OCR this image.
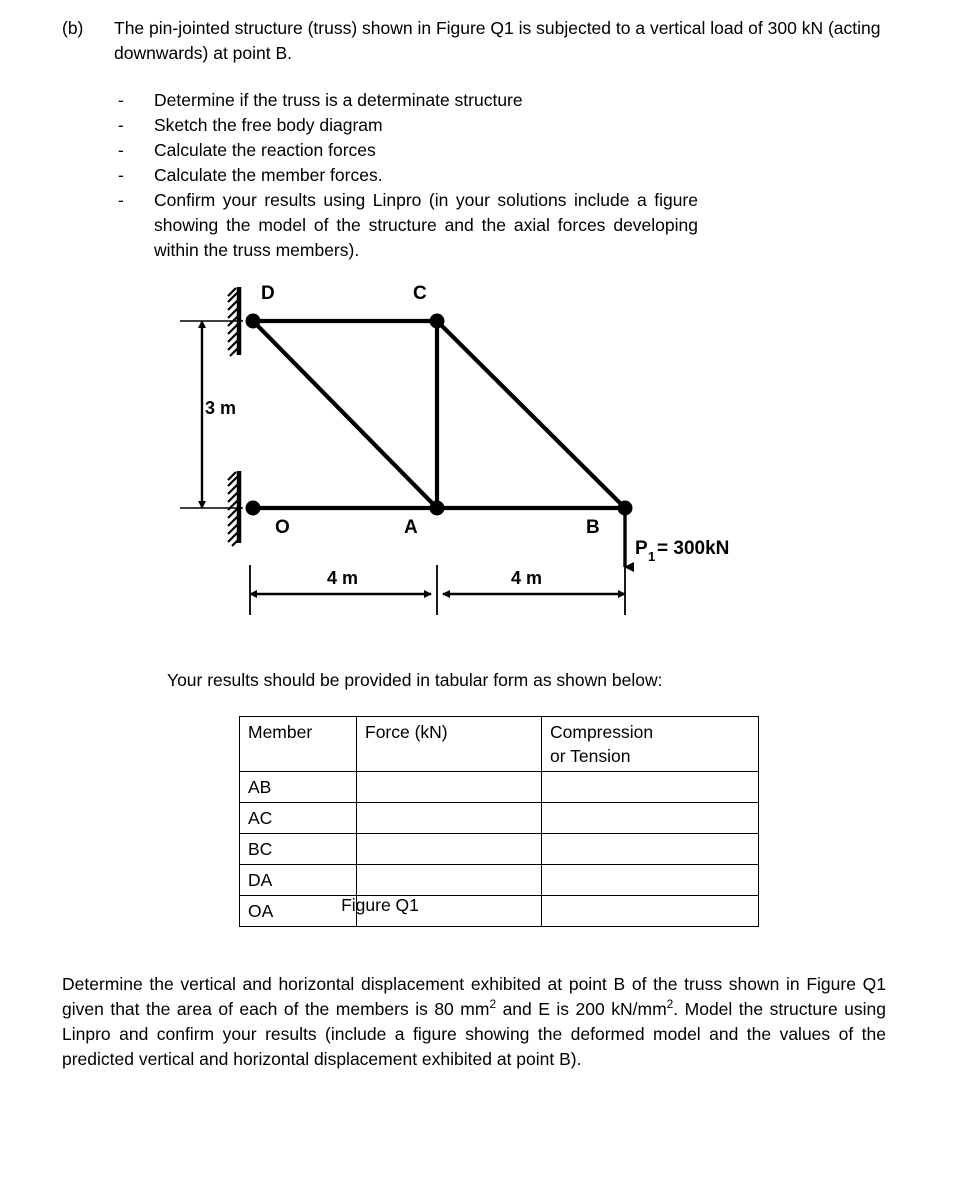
(b) The pin-jointed structure (truss) shown in Figure Q1 is subjected to a vertical load of 300 kN (acting downwards) at point B.
-	Determine if the truss is a determinate structure
-	Sketch the free body diagram
-	Calculate the reaction forces
-	Calculate the member forces.
-	Confirm your results using Linpro (in your solutions include a figure showing the model of the structure and the axial forces developing within the truss members).
D	C
O	A	B
P 1 = 300kN
3 m
4 m	4 m
Figure Q1
Your results should be provided in tabular form as shown below:
Member	Force (kN)	Compression
or Tension

AB		
AC		
BC		
DA		
OA		
Determine the vertical and horizontal displacement exhibited at point B of the truss shown in Figure Q1 given that the area of each of the members is 80 $mm^2$ and E is 200 $kN/mm^2$. Model the structure using Linpro and confirm your results (include a figure showing the deformed model and the values of the predicted vertical and horizontal displacement exhibited at point B).
